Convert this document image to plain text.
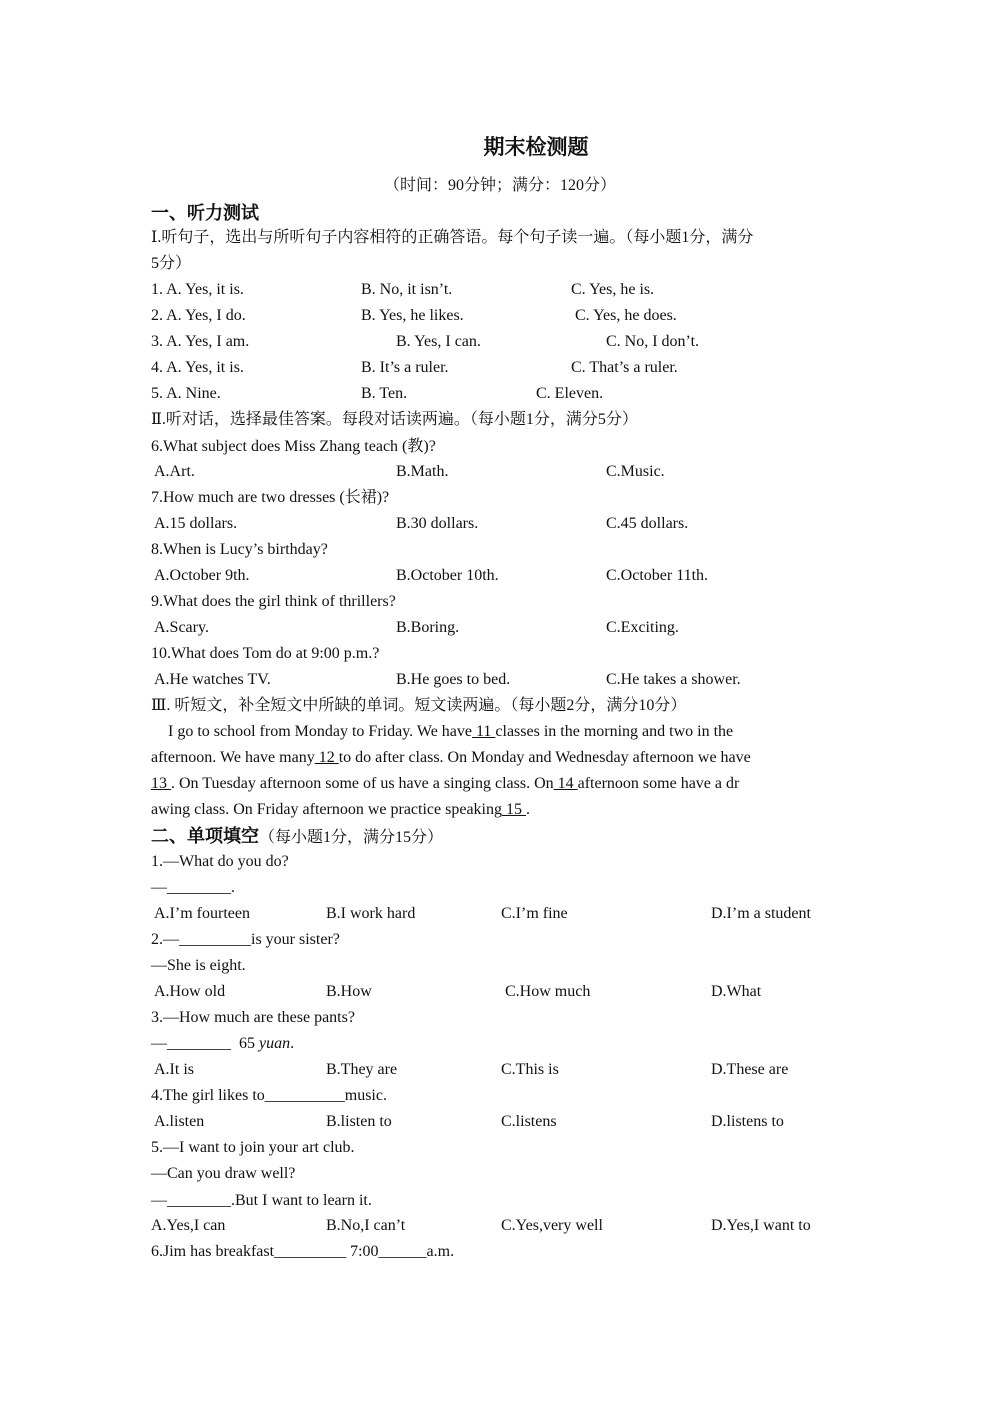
期末检测题
（时间：90分钟；满分：120分）
一、听力测试
Ⅰ.听句子，选出与所听句子内容相符的正确答语。每个句子读一遍。（每小题1分，满分
5分）
1. A. Yes, it is.	B. No, it isn’t.	C. Yes, he is.
2. A. Yes, I do.	B. Yes, he likes.	C. Yes, he does.
3. A. Yes, I am.	B. Yes, I can.	C. No, I don’t.
4. A. Yes, it is.	B. It’s a ruler.	C. That’s a ruler.
5. A. Nine.	B. Ten.	C. Eleven.
Ⅱ.听对话，选择最佳答案。每段对话读两遍。（每小题1分，满分5分）
6.What subject does Miss Zhang teach (教)?
A.Art.	B.Math.	C.Music.
7.How much are two dresses (长裙)?
A.15 dollars.	B.30 dollars.	C.45 dollars.
8.When is Lucy’s birthday?
A.October 9th.	B.October 10th.	C.October 11th.
9.What does the girl think of thrillers?
A.Scary.	B.Boring.	C.Exciting.
10.What does Tom do at 9:00 p.m.?
A.He watches TV.	B.He goes to bed.	C.He takes a shower.
Ⅲ. 听短文，补全短文中所缺的单词。短文读两遍。（每小题2分，满分10分）
I go to school from Monday to Friday. We have 11 classes in the morning and two in the
afternoon. We have many 12 to do after class. On Monday and Wednesday afternoon we have
13 . On Tuesday afternoon some of us have a singing class. On 14 afternoon some have a dr
awing class. On Friday afternoon we practice speaking 15 .
二、单项填空（每小题1分，满分15分）
1.—What do you do?
—________.
A.I’m fourteen	B.I work hard	C.I’m fine	D.I’m a student
2.—_________is your sister?
—She is eight.
A.How old	B.How	C.How much	D.What
3.—How much are these pants?
—________  65 yuan.
A.It is	B.They are	C.This is	D.These are
4.The girl likes to__________music.
A.listen	B.listen to	C.listens	D.listens to
5.—I want to join your art club.
—Can you draw well?
—________.But I want to learn it.
A.Yes,I can	B.No,I can’t	C.Yes,very well	D.Yes,I want to
6.Jim has breakfast_________ 7:00______a.m.
